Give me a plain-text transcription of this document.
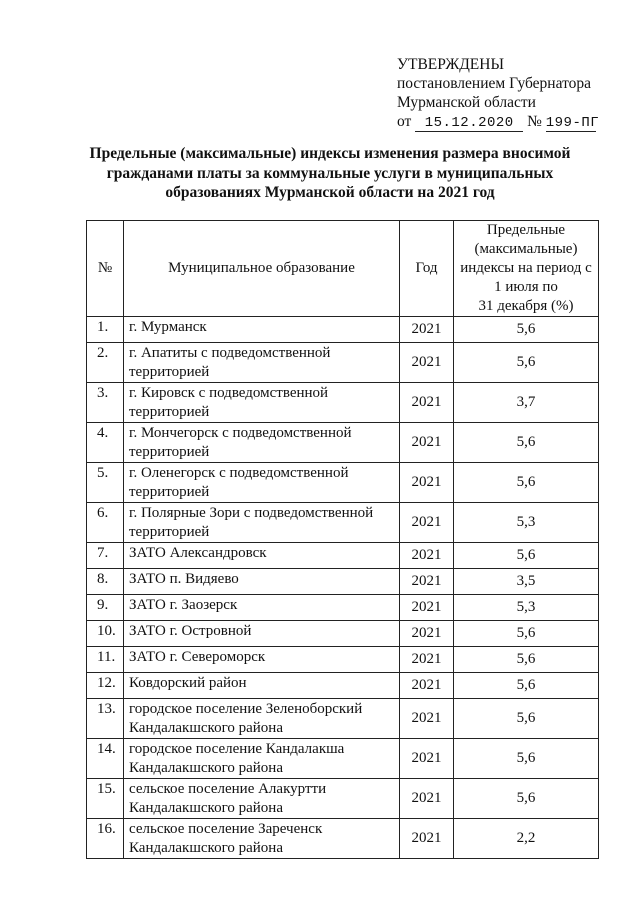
УТВЕРЖДЕНЫ
постановлением Губернатора
Мурманской области
от 15.12.2020 № 199-ПГ
Предельные (максимальные) индексы изменения размера вносимой
гражданами платы за коммунальные услуги в муниципальных
образованиях Мурманской области на 2021 год
№	Муниципальное образование	Год	Предельные
(максимальные)
индексы на период с
1 июля по
31 декабря (%)

1.	г. Мурманск	2021	5,6
2.	г. Апатиты с подведомственной
территорией	2021	5,6
3.	г. Кировск с подведомственной
территорией	2021	3,7
4.	г. Мончегорск с подведомственной
территорией	2021	5,6
5.	г. Оленегорск с подведомственной
территорией	2021	5,6
6.	г. Полярные Зори с подведомственной
территорией	2021	5,3
7.	ЗАТО Александровск	2021	5,6
8.	ЗАТО п. Видяево	2021	3,5
9.	ЗАТО г. Заозерск	2021	5,3
10.	ЗАТО г. Островной	2021	5,6
11.	ЗАТО г. Североморск	2021	5,6
12.	Ковдорский район	2021	5,6
13.	городское поселение Зеленоборский
Кандалакшского района	2021	5,6
14.	городское поселение Кандалакша
Кандалакшского района	2021	5,6
15.	сельское поселение Алакуртти
Кандалакшского района	2021	5,6
16.	сельское поселение Зареченск
Кандалакшского района	2021	2,2
